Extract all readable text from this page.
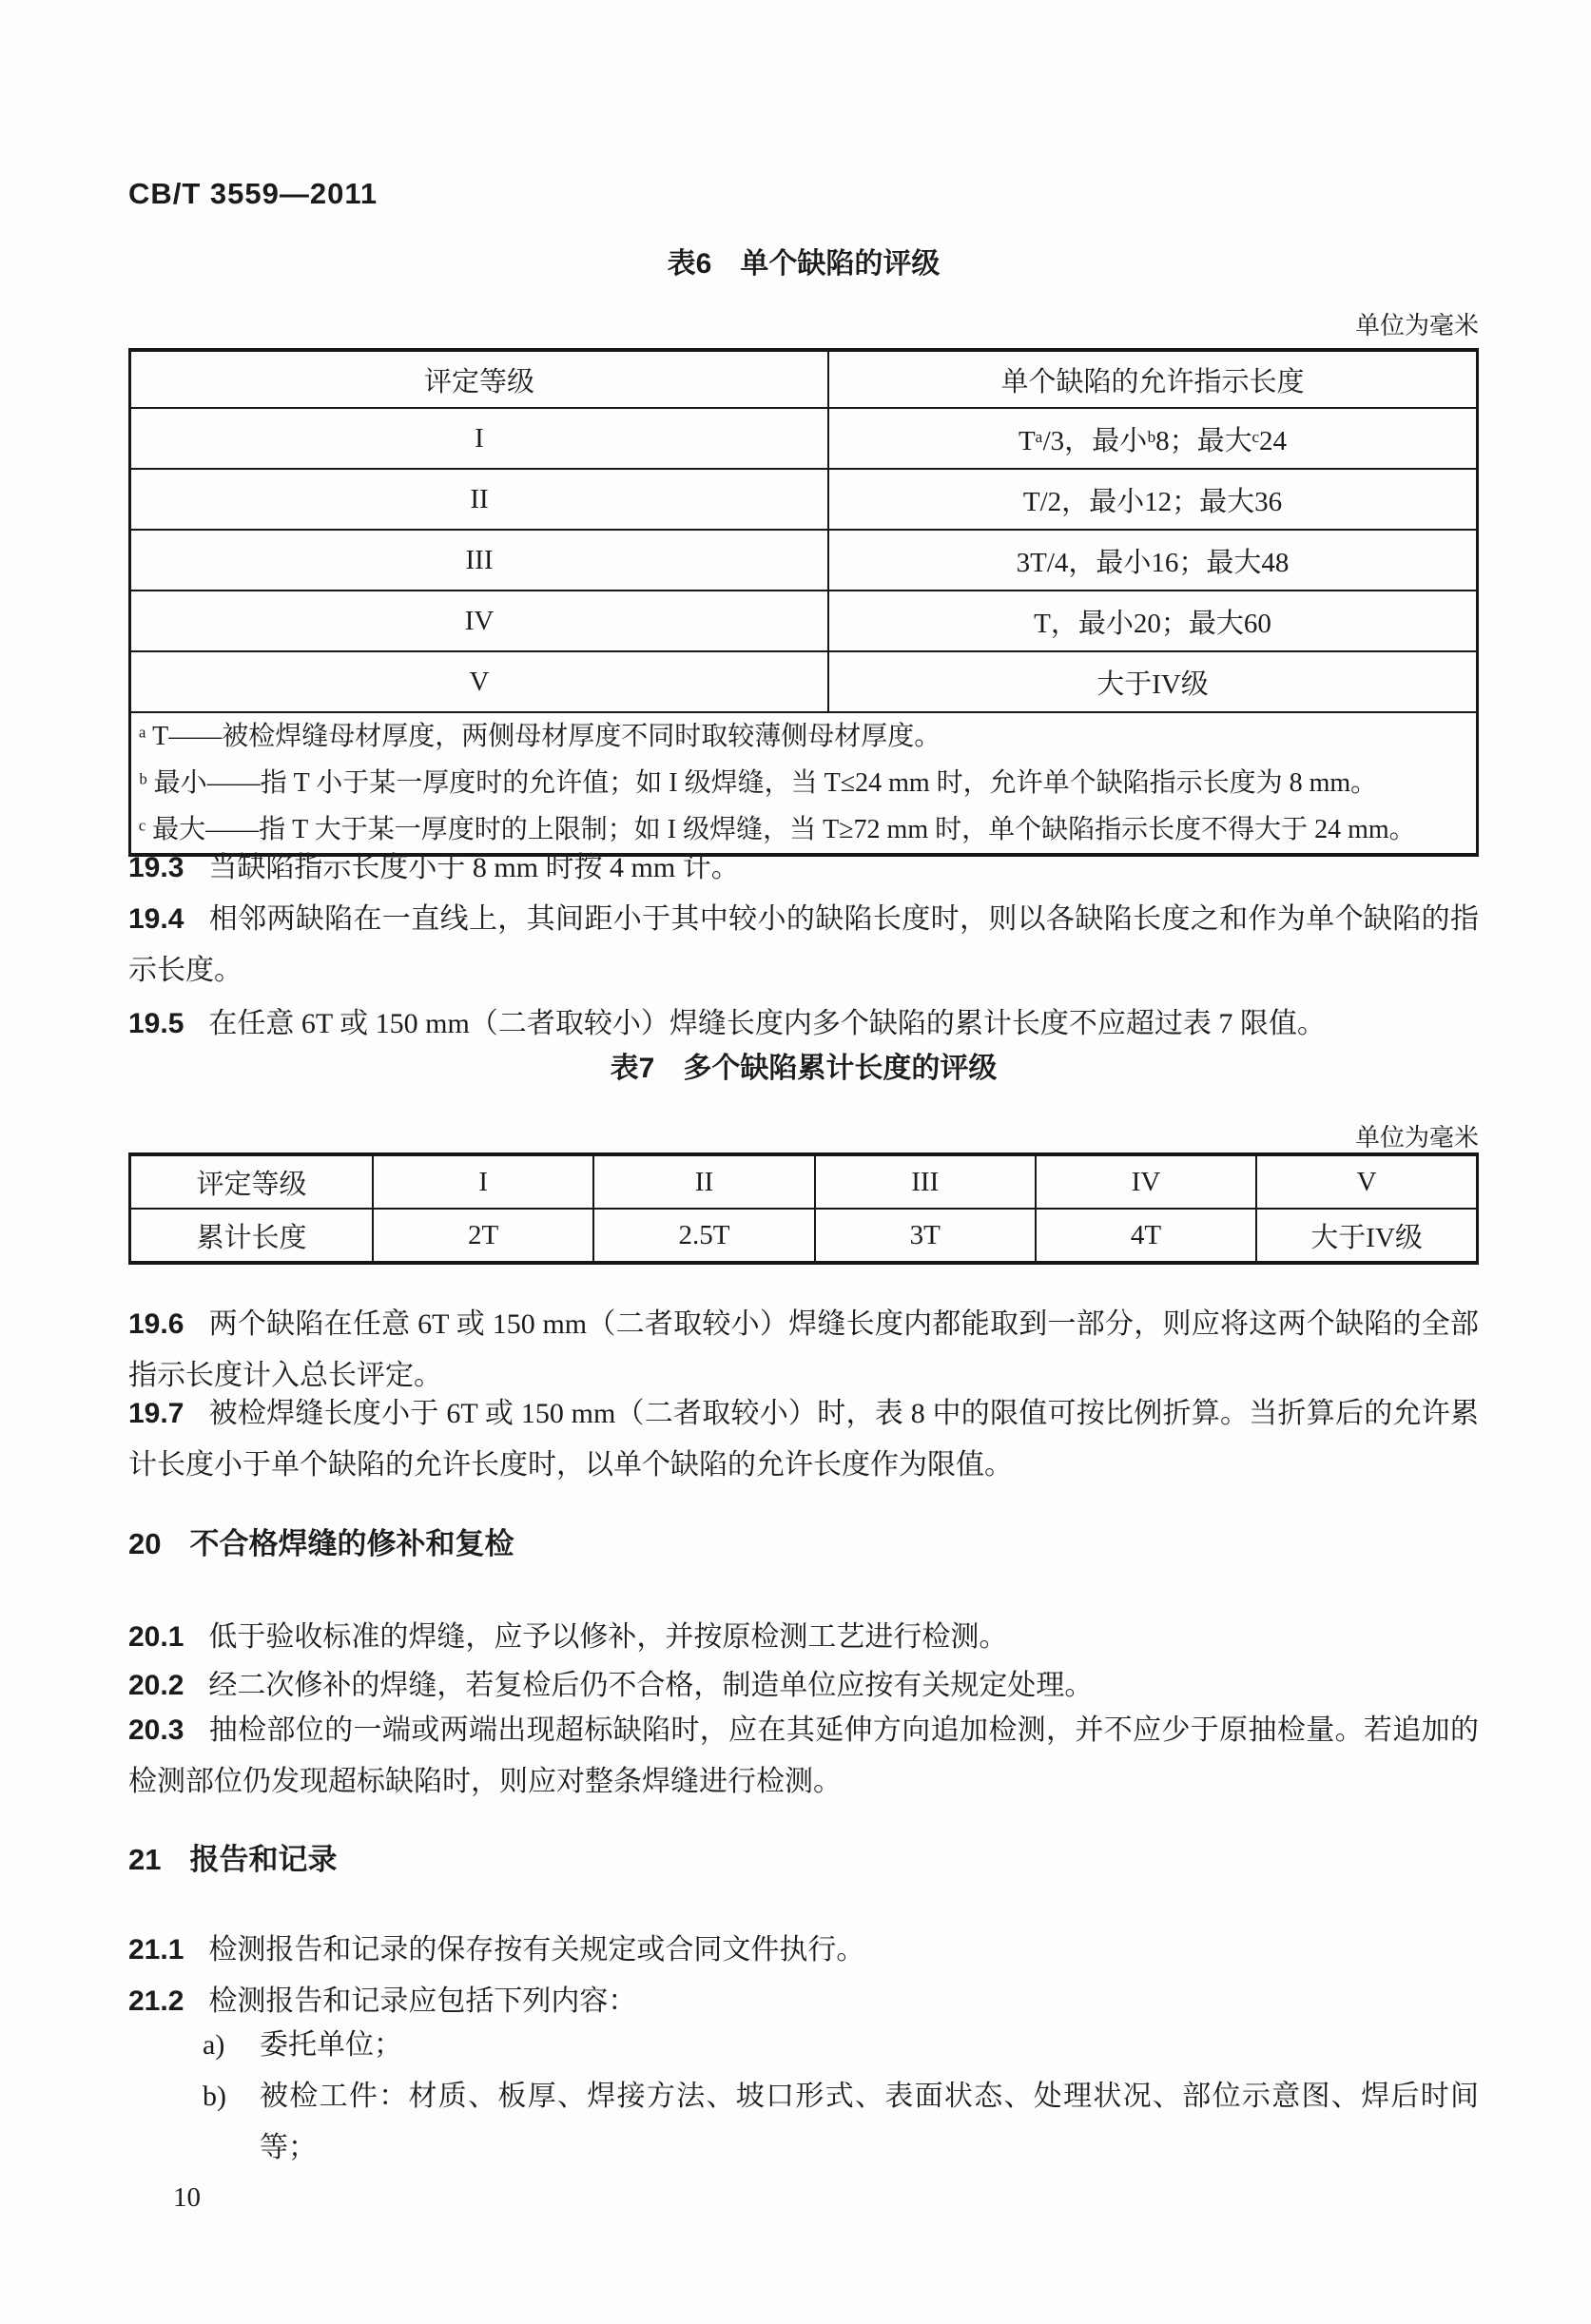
CB/T 3559—2011
表6　单个缺陷的评级
单位为毫米
评定等级	单个缺陷的允许指示长度
I	Tᵃ/3，最小ᵇ8；最大ᶜ24
II	T/2，最小12；最大36
III	3T/4，最小16；最大48
IV	T，最小20；最大60
V	大于IV级

ᵃ T——被检焊缝母材厚度，两侧母材厚度不同时取较薄侧母材厚度。
ᵇ 最小——指 T 小于某一厚度时的允许值；如 I 级焊缝，当 T≤24 mm 时，允许单个缺陷指示长度为 8 mm。
ᶜ 最大——指 T 大于某一厚度时的上限制；如 I 级焊缝，当 T≥72 mm 时，单个缺陷指示长度不得大于 24 mm。	
19.3 当缺陷指示长度小于 8 mm 时按 4 mm 计。
19.4 相邻两缺陷在一直线上，其间距小于其中较小的缺陷长度时，则以各缺陷长度之和作为单个缺陷的指示长度。
19.5 在任意 6T 或 150 mm（二者取较小）焊缝长度内多个缺陷的累计长度不应超过表 7 限值。
表7　多个缺陷累计长度的评级
单位为毫米
评定等级	I	II	III	IV	V
累计长度	2T	2.5T	3T	4T	大于IV级
19.6 两个缺陷在任意 6T 或 150 mm（二者取较小）焊缝长度内都能取到一部分，则应将这两个缺陷的全部指示长度计入总长评定。
19.7 被检焊缝长度小于 6T 或 150 mm（二者取较小）时，表 8 中的限值可按比例折算。当折算后的允许累计长度小于单个缺陷的允许长度时，以单个缺陷的允许长度作为限值。
20 不合格焊缝的修补和复检
20.1 低于验收标准的焊缝，应予以修补，并按原检测工艺进行检测。
20.2 经二次修补的焊缝，若复检后仍不合格，制造单位应按有关规定处理。
20.3 抽检部位的一端或两端出现超标缺陷时，应在其延伸方向追加检测，并不应少于原抽检量。若追加的检测部位仍发现超标缺陷时，则应对整条焊缝进行检测。
21 报告和记录
21.1 检测报告和记录的保存按有关规定或合同文件执行。
21.2 检测报告和记录应包括下列内容：
a)	委托单位；
b)	被检工件：材质、板厚、焊接方法、坡口形式、表面状态、处理状况、部位示意图、焊后时间等；
10
